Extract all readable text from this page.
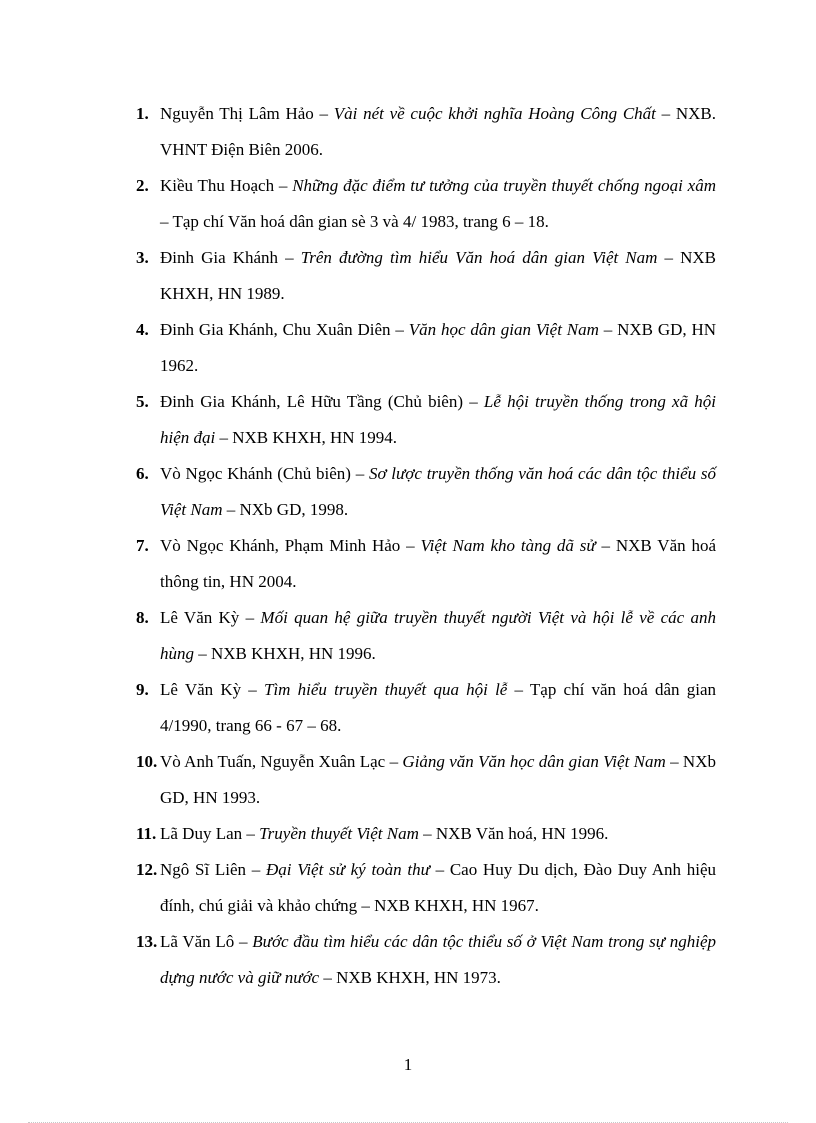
1. Nguyễn Thị Lâm Hảo – Vài nét về cuộc khởi nghĩa Hoàng Công Chất – NXB. VHNT Điện Biên 2006.
2. Kiều Thu Hoạch – Những đặc điểm tư tưởng của truyền thuyết chống ngoại xâm – Tạp chí Văn hoá dân gian sè 3 và 4/ 1983, trang 6 – 18.
3. Đinh Gia Khánh – Trên đường tìm hiểu Văn hoá dân gian Việt Nam – NXB KHXH, HN 1989.
4. Đinh Gia Khánh, Chu Xuân Diên – Văn học dân gian Việt Nam – NXB GD, HN 1962.
5. Đinh Gia Khánh, Lê Hữu Tầng (Chủ biên) – Lễ hội truyền thống trong xã hội hiện đại – NXB KHXH, HN 1994.
6. Vò Ngọc Khánh (Chủ biên) – Sơ lược truyền thống văn hoá các dân tộc thiểu số Việt Nam – NXb GD, 1998.
7. Vò Ngọc Khánh, Phạm Minh Hảo – Việt Nam kho tàng dã sử – NXB Văn hoá thông tin, HN 2004.
8. Lê Văn Kỳ – Mối quan hệ giữa truyền thuyết người Việt và hội lễ về các anh hùng – NXB KHXH, HN 1996.
9. Lê Văn Kỳ – Tìm hiểu truyền thuyết qua hội lễ – Tạp chí văn hoá dân gian 4/1990, trang 66 - 67 – 68.
10. Vò Anh Tuấn, Nguyễn Xuân Lạc – Giảng văn Văn học dân gian Việt Nam – NXb GD, HN 1993.
11. Lã Duy Lan – Truyền thuyết Việt Nam – NXB Văn hoá, HN 1996.
12. Ngô Sĩ Liên – Đại Việt sử ký toàn thư – Cao Huy Du dịch, Đào Duy Anh hiệu đính, chú giải và khảo chứng – NXB KHXH, HN 1967.
13. Lã Văn Lô – Bước đầu tìm hiểu các dân tộc thiểu số ở Việt Nam trong sự nghiệp dựng nước và giữ nước – NXB KHXH, HN 1973.
1
